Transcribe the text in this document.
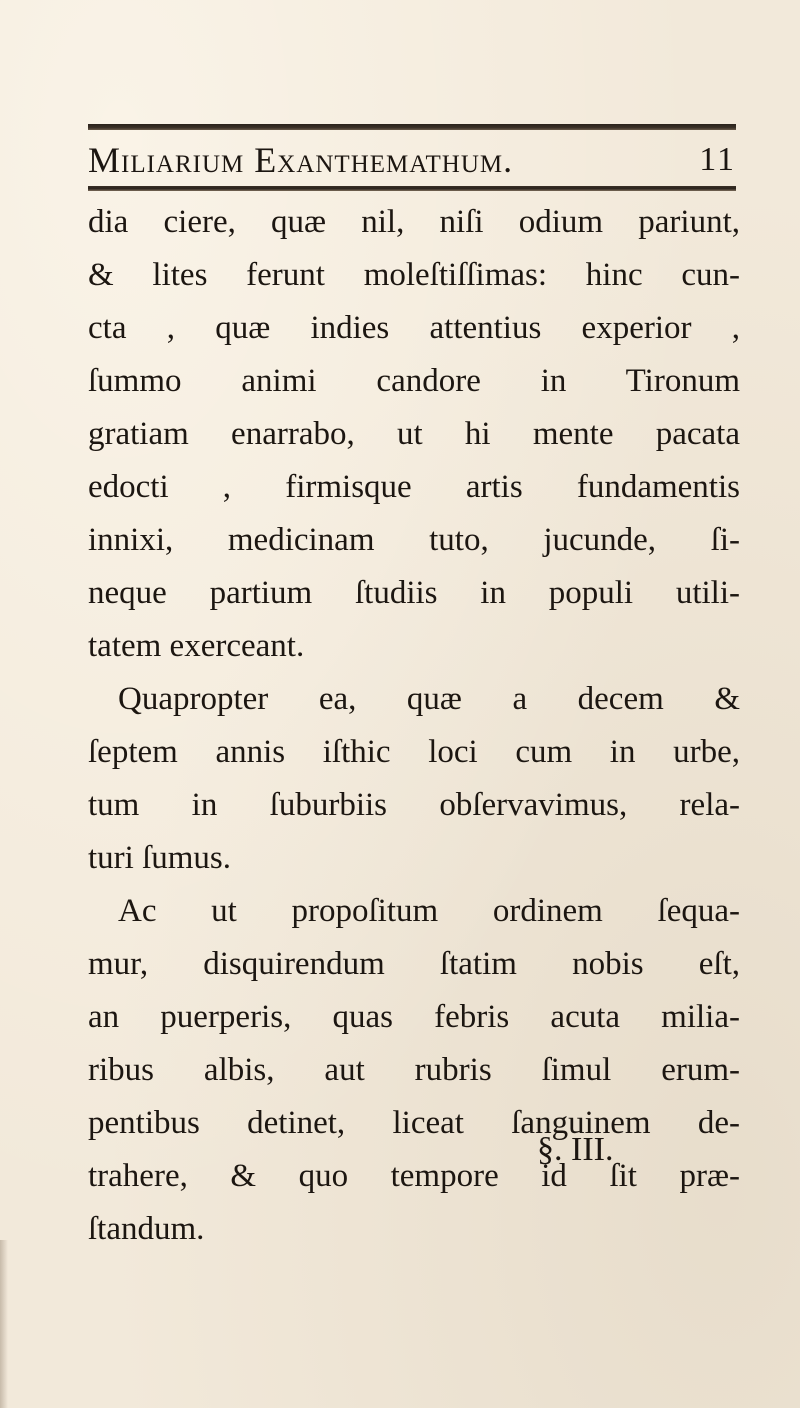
Miliarium Exanthemathum.	11
dia ciere, quæ nil, niſi odium pariunt,
& lites ferunt moleſtiſſimas: hinc cun-
cta , quæ indies attentius experior ,
ſummo animi candore in Tironum
gratiam enarrabo, ut hi mente pacata
edocti , firmisque artis fundamentis
innixi, medicinam tuto, jucunde, ſi-
neque partium ſtudiis in populi utili-
tatem exerceant.
Quapropter ea, quæ a decem &
ſeptem annis iſthic loci cum in urbe,
tum in ſuburbiis obſervavimus, rela-
turi ſumus.
Ac ut propoſitum ordinem ſequa-
mur, disquirendum ſtatim nobis eſt,
an puerperis, quas febris acuta milia-
ribus albis, aut rubris ſimul erum-
pentibus detinet, liceat ſanguinem de-
trahere, & quo tempore id ſit præ-
ſtandum.
§. III.
